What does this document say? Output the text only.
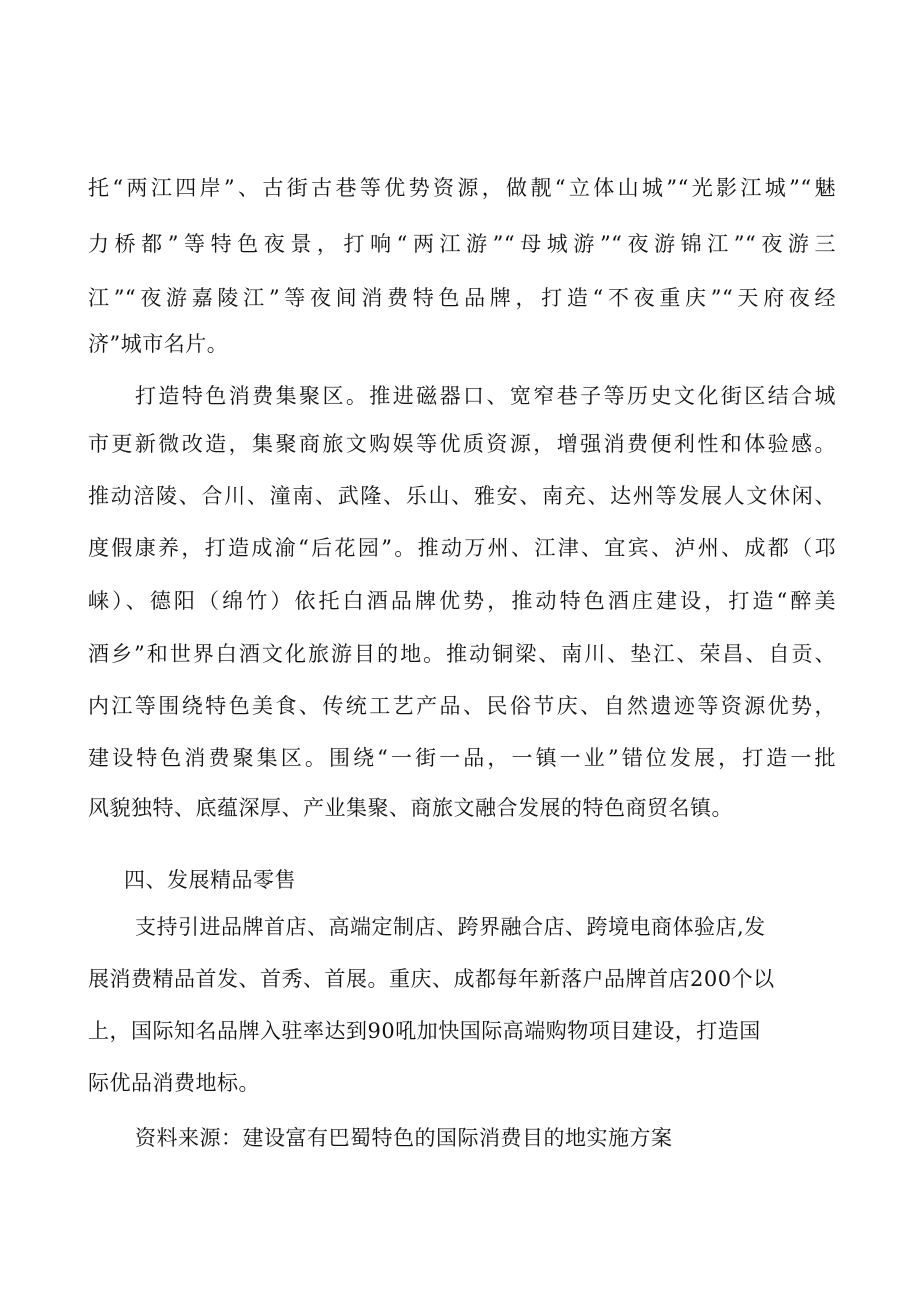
托“两江四岸”、古街古巷等优势资源，做靓“立体山城”“光影江城”“魅

力桥都”等特色夜景，打响“两江游”“母城游”“夜游锦江”“夜游三

江”“夜游嘉陵江”等夜间消费特色品牌，打造“不夜重庆”“天府夜经

济”城市名片。

打造特色消费集聚区。推进磁器口、宽窄巷子等历史文化街区结合城

市更新微改造，集聚商旅文购娱等优质资源，增强消费便利性和体验感。

推动涪陵、合川、潼南、武隆、乐山、雅安、南充、达州等发展人文休闲、

度假康养，打造成渝“后花园”。推动万州、江津、宜宾、泸州、成都（邛

崃）、德阳（绵竹）依托白酒品牌优势，推动特色酒庄建设，打造“醉美

酒乡”和世界白酒文化旅游目的地。推动铜梁、南川、垫江、荣昌、自贡、

内江等围绕特色美食、传统工艺产品、民俗节庆、自然遗迹等资源优势，

建设特色消费聚集区。围绕“一街一品，一镇一业”错位发展，打造一批

风貌独特、底蕴深厚、产业集聚、商旅文融合发展的特色商贸名镇。

四、发展精品零售

支持引进品牌首店、高端定制店、跨界融合店、跨境电商体验店,发

展消费精品首发、首秀、首展。重庆、成都每年新落户品牌首店200个以

上，国际知名品牌入驻率达到90吼加快国际高端购物项目建设，打造国

际优品消费地标。

资料来源：建设富有巴蜀特色的国际消费目的地实施方案
